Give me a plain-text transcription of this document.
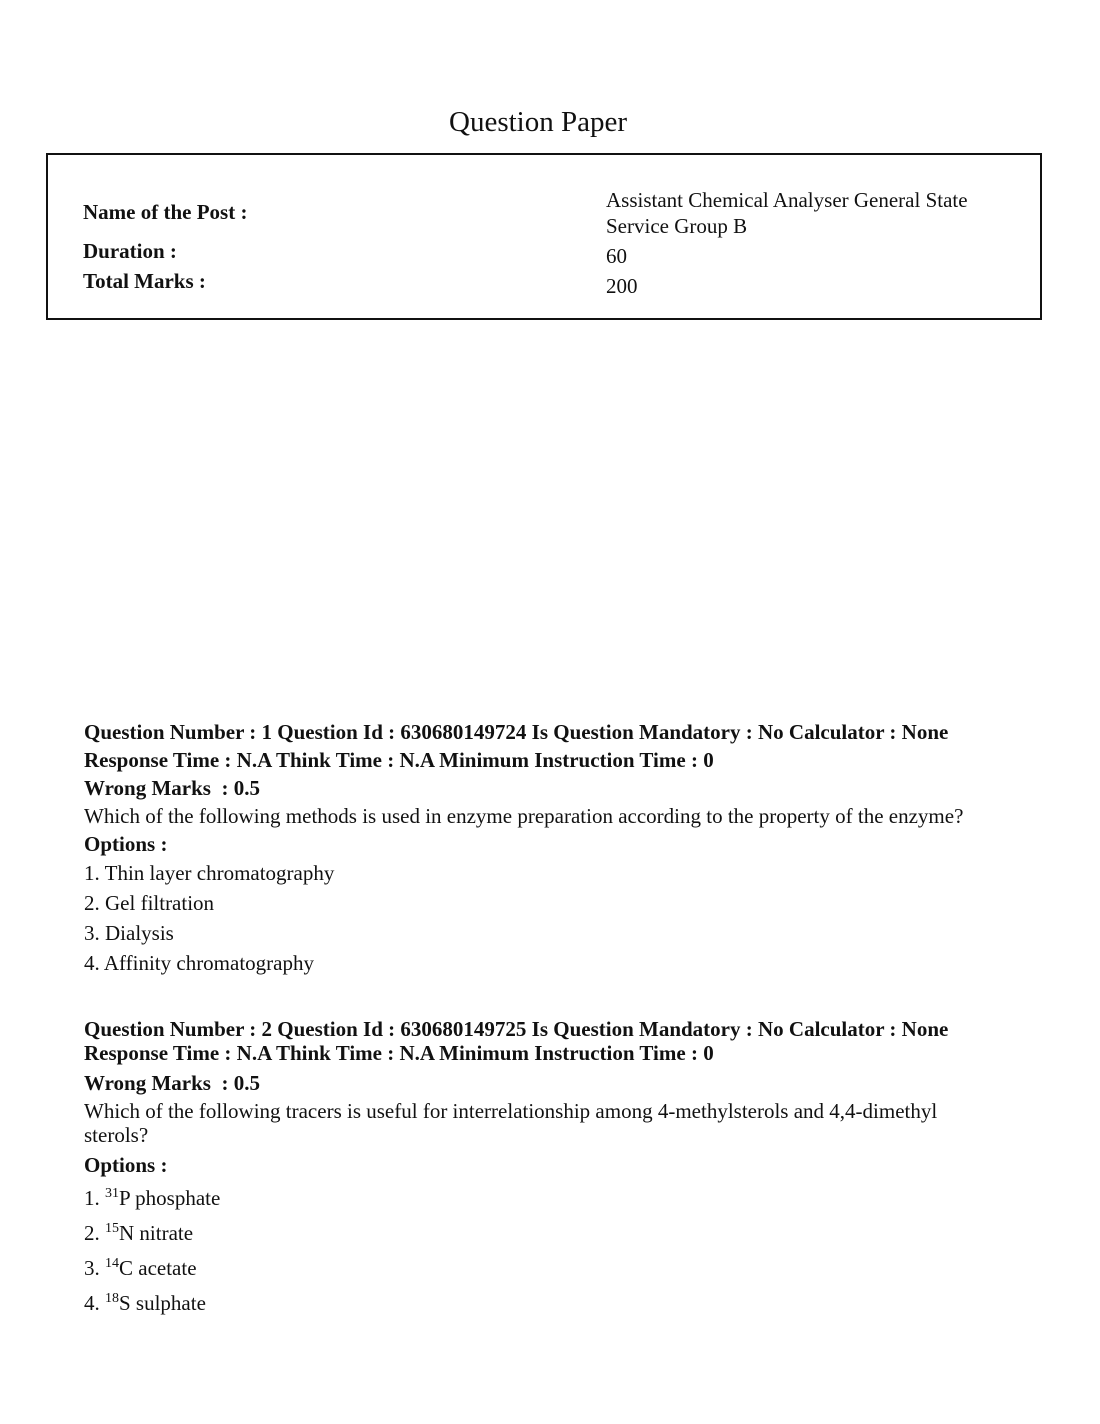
Question Paper
Name of the Post :	Assistant Chemical Analyser General State Service Group B
Duration :	60
Total Marks :	200
Question Number : 1 Question Id : 630680149724 Is Question Mandatory : No Calculator : None
Response Time : N.A Think Time : N.A Minimum Instruction Time : 0
Wrong Marks  : 0.5
Which of the following methods is used in enzyme preparation according to the property of the enzyme?
Options :
1. Thin layer chromatography
2. Gel filtration
3. Dialysis
4. Affinity chromatography
Question Number : 2 Question Id : 630680149725 Is Question Mandatory : No Calculator : None
Response Time : N.A Think Time : N.A Minimum Instruction Time : 0
Wrong Marks  : 0.5
Which of the following tracers is useful for interrelationship among 4-methylsterols and 4,4-dimethyl sterols?
Options :
1. $^{31}$P phosphate
2. $^{15}$N nitrate
3. $^{14}$C acetate
4. $^{18}$S sulphate
